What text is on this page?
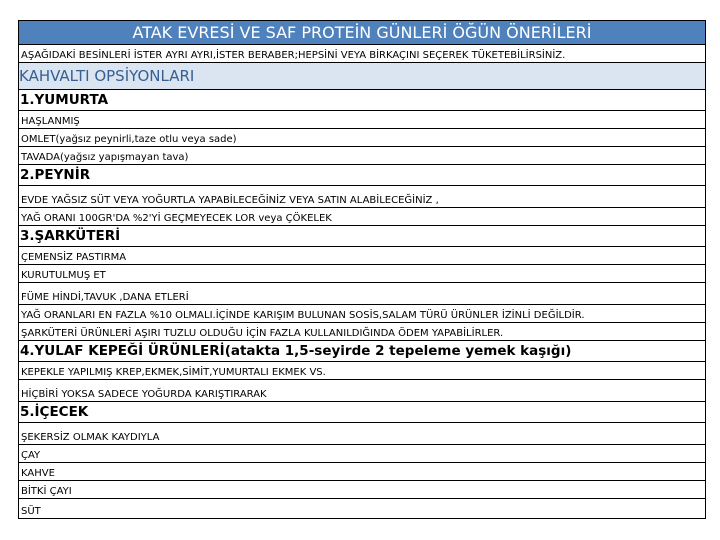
ATAK EVRESİ VE SAF PROTEİN GÜNLERİ ÖĞÜN ÖNERİLERİ
AŞAĞIDAKİ BESİNLERİ İSTER AYRI AYRI,İSTER BERABER;HEPSİNİ VEYA BİRKAÇINI SEÇEREK TÜKETEBİLİRSİNİZ.
KAHVALTI OPSİYONLARI
1.YUMURTA
HAŞLANMIŞ
OMLET(yağsız peynirli,taze otlu veya sade)
TAVADA(yağsız yapışmayan tava)
2.PEYNİR
EVDE YAĞSIZ SÜT VEYA YOĞURTLA YAPABİLECEĞİNİZ VEYA SATIN ALABİLECEĞİNİZ ,
YAĞ ORANI 100GR'DA %2'Yİ GEÇMEYECEK LOR veya ÇÖKELEK
3.ŞARKÜTERİ
ÇEMENSİZ PASTIRMA
KURUTULMUŞ ET
FÜME HİNDİ,TAVUK ,DANA ETLERİ
YAĞ ORANLARI EN FAZLA %10 OLMALI.İÇİNDE KARIŞIM BULUNAN SOSİS,SALAM TÜRÜ ÜRÜNLER İZİNLİ DEĞİLDİR.
ŞARKÜTERİ ÜRÜNLERİ AŞIRI TUZLU OLDUĞU İÇİN FAZLA KULLANILDIĞINDA ÖDEM YAPABİLİRLER.
4.YULAF KEPEĞİ ÜRÜNLERİ(atakta 1,5-seyirde 2 tepeleme yemek kaşığı)
KEPEKLE YAPILMIŞ KREP,EKMEK,SİMİT,YUMURTALI EKMEK VS.
HİÇBİRİ YOKSA SADECE YOĞURDA KARIŞTIRARAK
5.İÇECEK
ŞEKERSİZ OLMAK KAYDIYLA
ÇAY
KAHVE
BİTKİ ÇAYI
SÜT
